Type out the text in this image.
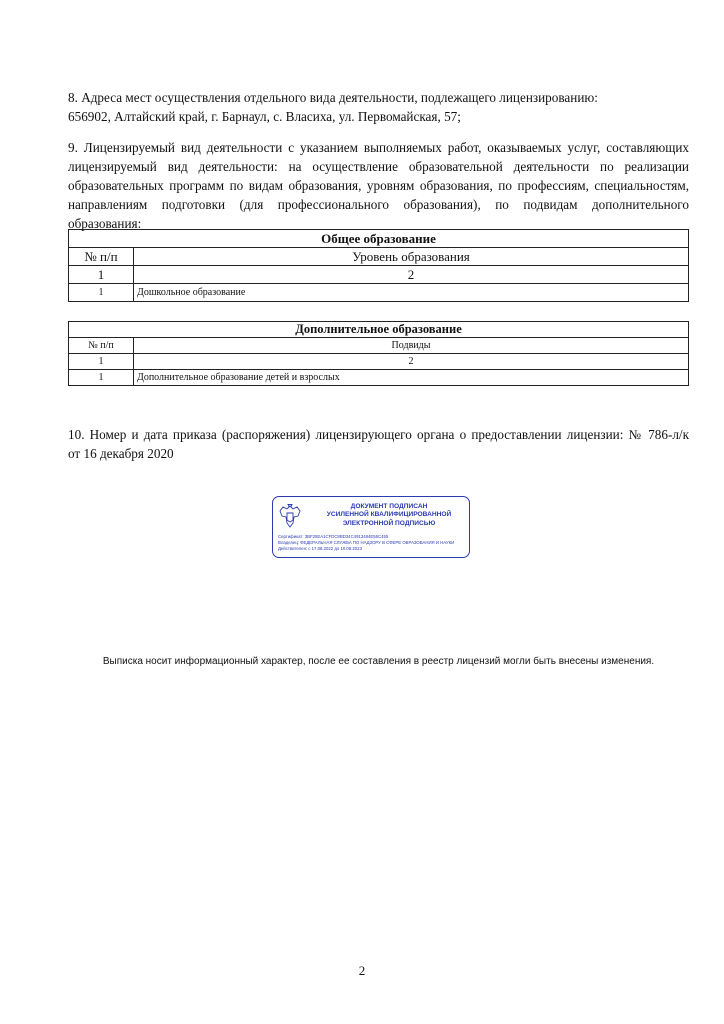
8. Адреса мест осуществления отдельного вида деятельности, подлежащего лицензированию:
656902, Алтайский край, г. Барнаул, с. Власиха, ул. Первомайская, 57;
9. Лицензируемый вид деятельности с указанием выполняемых работ, оказываемых услуг, составляющих
лицензируемый вид деятельности: на осуществление образовательной деятельности по реализации
образовательных программ по видам образования, уровням образования, по профессиям, специальностям,
направлениям подготовки (для профессионального образования), по подвидам дополнительного
образования:
Общее образование	
№ п/п	Уровень образования
1	2
1	Дошкольное образование
Дополнительное образование	
№ п/п	Подвиды
1	2
1	Дополнительное образование детей и взрослых
10. Номер и дата приказа (распоряжения) лицензирующего органа о предоставлении лицензии: № 786-л/к
от 16 декабря 2020
ДОКУМЕНТ ПОДПИСАН
УСИЛЕННОЙ КВАЛИФИЦИРОВАННОЙ
ЭЛЕКТРОННОЙ ПОДПИСЬЮ
Сертификат: 3BF25EA1CFDC8BD34C4913484E55C455
Владелец: ФЕДЕРАЛЬНАЯ СЛУЖБА ПО НАДЗОРУ В СФЕРЕ ОБРАЗОВАНИЯ И НАУКИ
Действителен: с 17.08.2022 до 10.08.2023
Выписка носит информационный характер, после ее составления в реестр лицензий могли быть внесены изменения.
2
